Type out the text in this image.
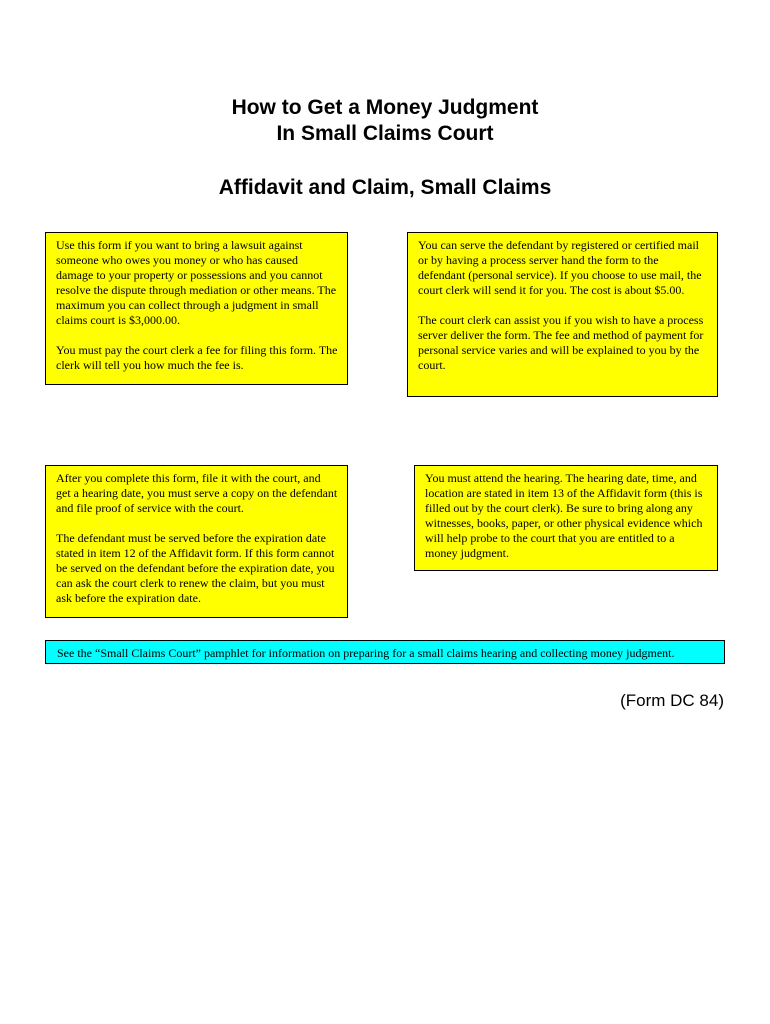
How to Get a Money Judgment

In Small Claims Court

Affidavit and Claim, Small Claims

Use this form if you want to bring a lawsuit against someone who owes you money or who has caused damage to your property or possessions and you cannot resolve the dispute through mediation or other means. The maximum you can collect through a judgment in small claims court is $3,000.00.

You must pay the court clerk a fee for filing this form. The clerk will tell you how much the fee is.

You can serve the defendant by registered or certified mail or by having a process server hand the form to the defendant (personal service). If you choose to use mail, the court clerk will send it for you. The cost is about $5.00.

The court clerk can assist you if you wish to have a process server deliver the form. The fee and method of payment for personal service varies and will be explained to you by the court.

After you complete this form, file it with the court, and get a hearing date, you must serve a copy on the defendant and file proof of service with the court.

The defendant must be served before the expiration date stated in item 12 of the Affidavit form. If this form cannot be served on the defendant before the expiration date, you can ask the court clerk to renew the claim, but you must ask before the expiration date.

You must attend the hearing. The hearing date, time, and location are stated in item 13 of the Affidavit form (this is filled out by the court clerk). Be sure to bring along any witnesses, books, paper, or other physical evidence which will help probe to the court that you are entitled to a money judgment.

See the “Small Claims Court” pamphlet for information on preparing for a small claims hearing and collecting money judgment.
(Form DC 84)
